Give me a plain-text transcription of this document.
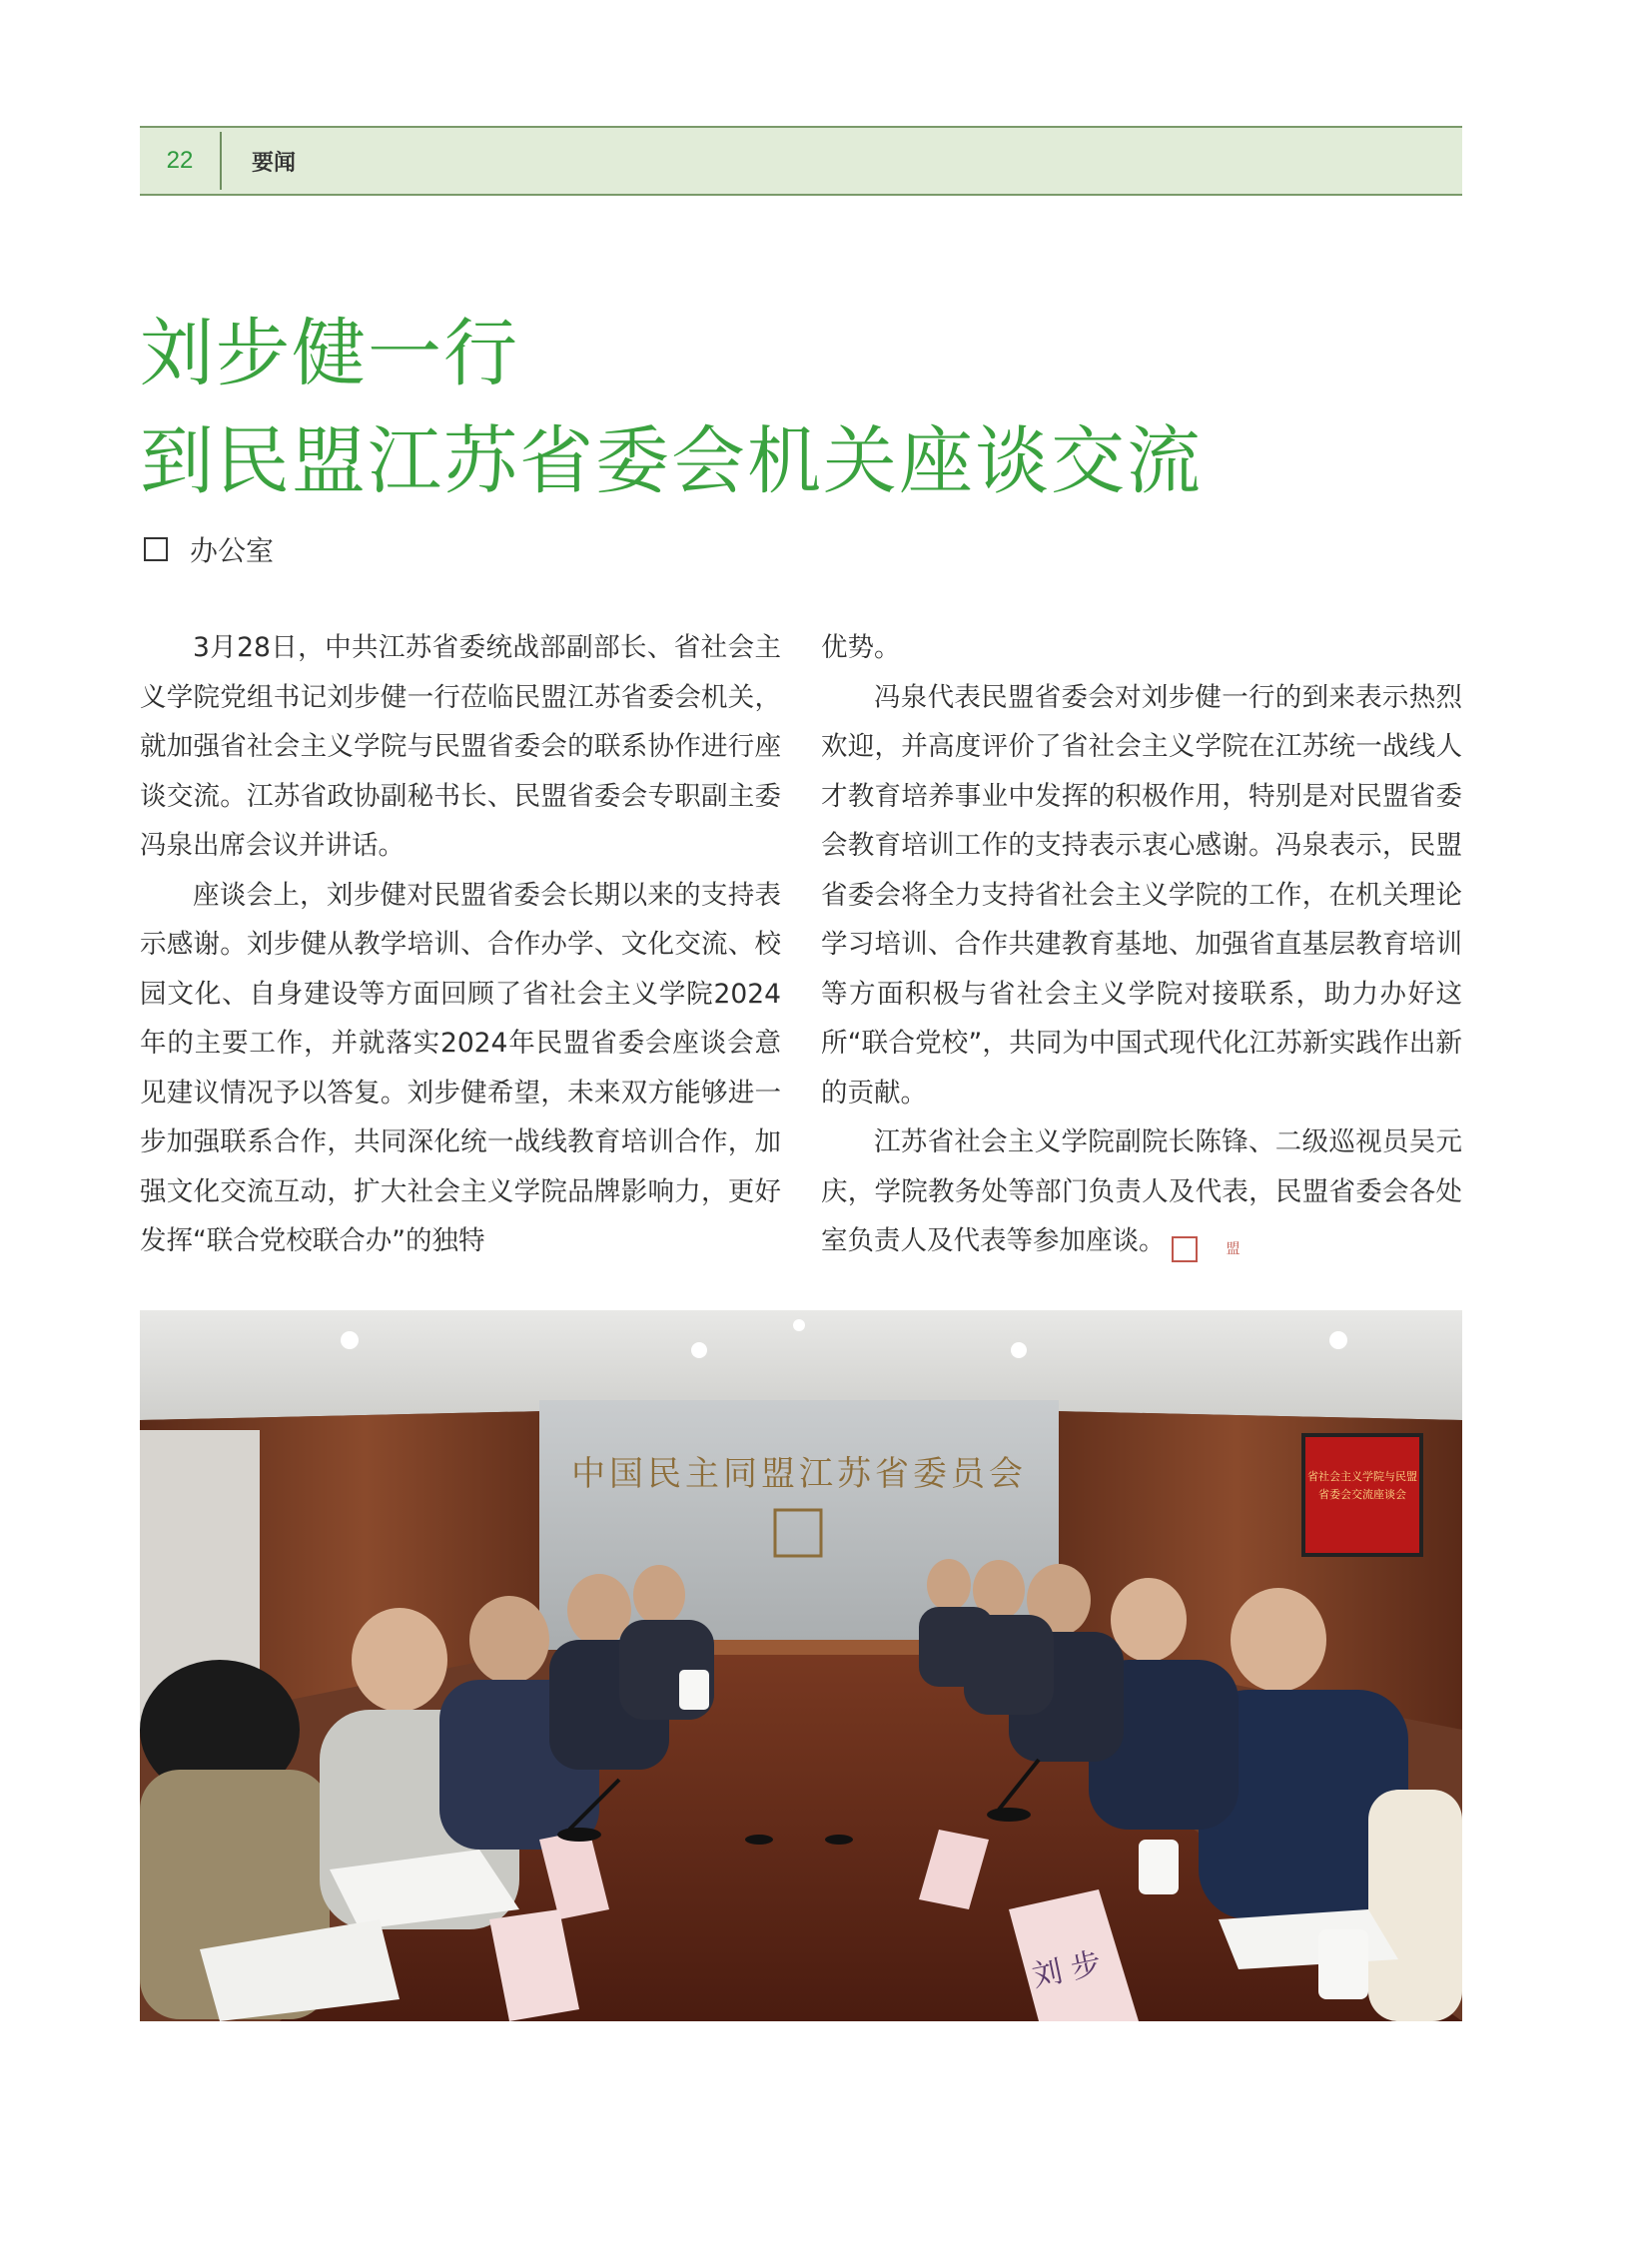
22	要闻
刘步健一行
到民盟江苏省委会机关座谈交流
办公室

3月28日，中共江苏省委统战部副部长、省社会主义学院党组书记刘步健一行莅临民盟江苏省委会机关，就加强省社会主义学院与民盟省委会的联系协作进行座谈交流。江苏省政协副秘书长、民盟省委会专职副主委冯泉出席会议并讲话。

座谈会上，刘步健对民盟省委会长期以来的支持表示感谢。刘步健从教学培训、合作办学、文化交流、校园文化、自身建设等方面回顾了省社会主义学院2024年的主要工作，并就落实2024年民盟省委会座谈会意见建议情况予以答复。刘步健希望，未来双方能够进一步加强联系合作，共同深化统一战线教育培训合作，加强文化交流互动，扩大社会主义学院品牌影响力，更好发挥“联合党校联合办”的独特

优势。

冯泉代表民盟省委会对刘步健一行的到来表示热烈欢迎，并高度评价了省社会主义学院在江苏统一战线人才教育培养事业中发挥的积极作用，特别是对民盟省委会教育培训工作的支持表示衷心感谢。冯泉表示，民盟省委会将全力支持省社会主义学院的工作，在机关理论学习培训、合作共建教育基地、加强省直基层教育培训等方面积极与省社会主义学院对接联系，助力办好这所“联合党校”，共同为中国式现代化江苏新实践作出新的贡献。

江苏省社会主义学院副院长陈锋、二级巡视员吴元庆，学院教务处等部门负责人及代表，民盟省委会各处室负责人及代表等参加座谈。	盟

中国民主同盟江苏省委员会	省社会主义学院与民盟
省委会交流座谈会
刘 步
